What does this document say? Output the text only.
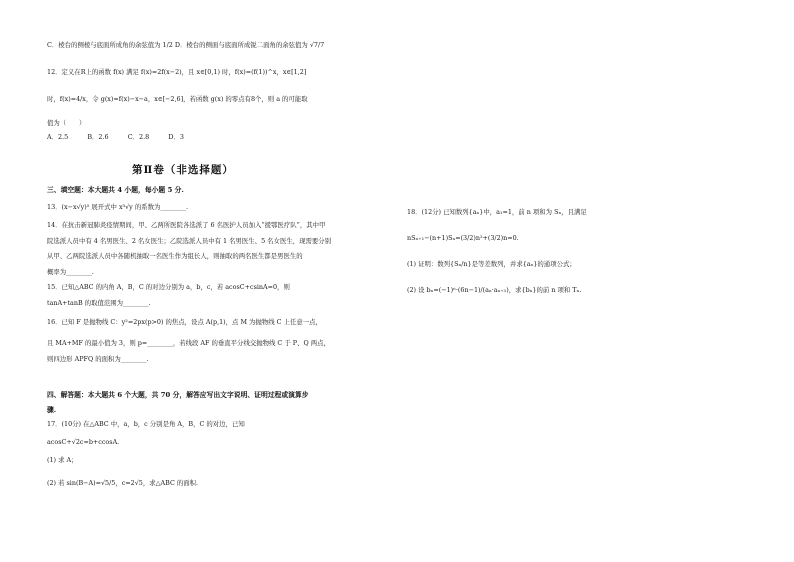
C．棱台的侧棱与底面所成角的余弦值为 1/2 D．棱台的侧面与底面所成锐二面角的余弦值为 √7/7
12．定义在R上的函数 f(x) 满足 f(x)=2f(x−2)，且 x∈[0,1) 时，f(x)=(f(1))^x，x∈[1,2]
时，f(x)=4/x，令 g(x)=f(x)−x−a，x∈[−2,6]，若函数 g(x) 的零点有8个，则 a 的可能取
值为（　　）
A．2.5　　　B．2.6　　　C．2.8　　　D．3
第Ⅱ卷（非选择题）
三、填空题：本大题共 4 小题，每小题 5 分.
13．(x−x√y)⁵ 展开式中 x³√y 的系数为________.
14．在抗击新冠肺炎疫情期间，甲、乙两所医院各选派了 6 名医护人员加入“援鄂医疗队”，其中甲
院选派人员中有 4 名男医生、2 名女医生；乙院选派人员中有 1 名男医生、5 名女医生，现需要分别
从甲、乙两院选派人员中各随机抽取一名医生作为组长人，则抽取的两名医生都是男医生的
概率为________.
15．已知△ABC 的内角 A，B，C 的对边分别为 a，b，c，若 acosC+csinA=0，则
tanA+tanB 的取值范围为________.
16．已知 F 是抛物线 C：y²=2px(p>0) 的焦点，设点 A(p,1)，点 M 为抛物线 C 上任意一点，
且 MA+MF 的最小值为 3，则 p=________，若线段 AF 的垂直平分线交抛物线 C 于 P、Q 两点，
则四边形 APFQ 的面积为________.
四、解答题：本大题共 6 个大题，共 70 分，解答应写出文字说明、证明过程或演算步
骤.
17．(10分) 在△ABC 中，a，b，c 分别是角 A，B，C 的对边，已知
acosC+√2c=b+ccosA.
(1) 求 A；
(2) 若 sin(B−A)=√5/5，c=2√5，求△ABC 的面积.
18．(12分) 已知数列{aₙ}中，a₁=1，前 n 项和为 Sₙ，且满足
nSₙ₊₁−(n+1)Sₙ=(3/2)n²+(3/2)n=0.
(1) 证明：数列{Sₙ/n}是等差数列，并求{aₙ}的通项公式；
(2) 设 bₙ=(−1)ⁿ·(6n−1)/(aₙ·aₙ₊₁)，求{bₙ}的前 n 项和 Tₙ.
